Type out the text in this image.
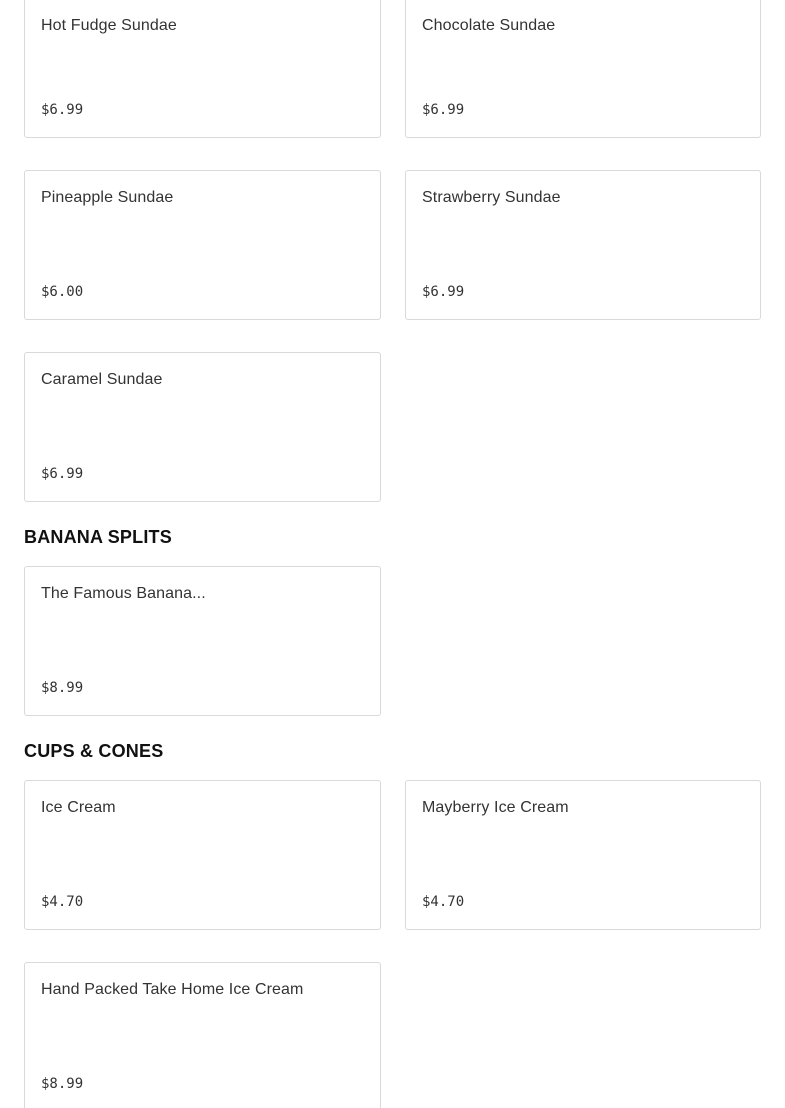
Hot Fudge Sundae
$6.99
Chocolate Sundae
$6.99
Pineapple Sundae
$6.00
Strawberry Sundae
$6.99
Caramel Sundae
$6.99
BANANA SPLITS
The Famous Banana...
$8.99
CUPS & CONES
Ice Cream
$4.70
Mayberry Ice Cream
$4.70
Hand Packed Take Home Ice Cream
$8.99
